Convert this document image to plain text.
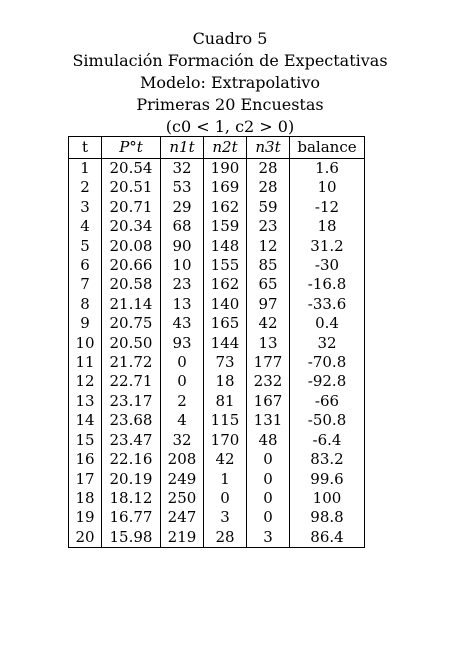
Cuadro 5
Simulación Formación de Expectativas
Modelo: Extrapolativo
Primeras 20 Encuestas
(c0 < 1, c2 > 0)
t	P°t	n1t	n2t	n3t	balance
1	20.54	32	190	28	1.6
2	20.51	53	169	28	10
3	20.71	29	162	59	-12
4	20.34	68	159	23	18
5	20.08	90	148	12	31.2
6	20.66	10	155	85	-30
7	20.58	23	162	65	-16.8
8	21.14	13	140	97	-33.6
9	20.75	43	165	42	0.4
10	20.50	93	144	13	32
11	21.72	0	73	177	-70.8
12	22.71	0	18	232	-92.8
13	23.17	2	81	167	-66
14	23.68	4	115	131	-50.8
15	23.47	32	170	48	-6.4
16	22.16	208	42	0	83.2
17	20.19	249	1	0	99.6
18	18.12	250	0	0	100
19	16.77	247	3	0	98.8
20	15.98	219	28	3	86.4
